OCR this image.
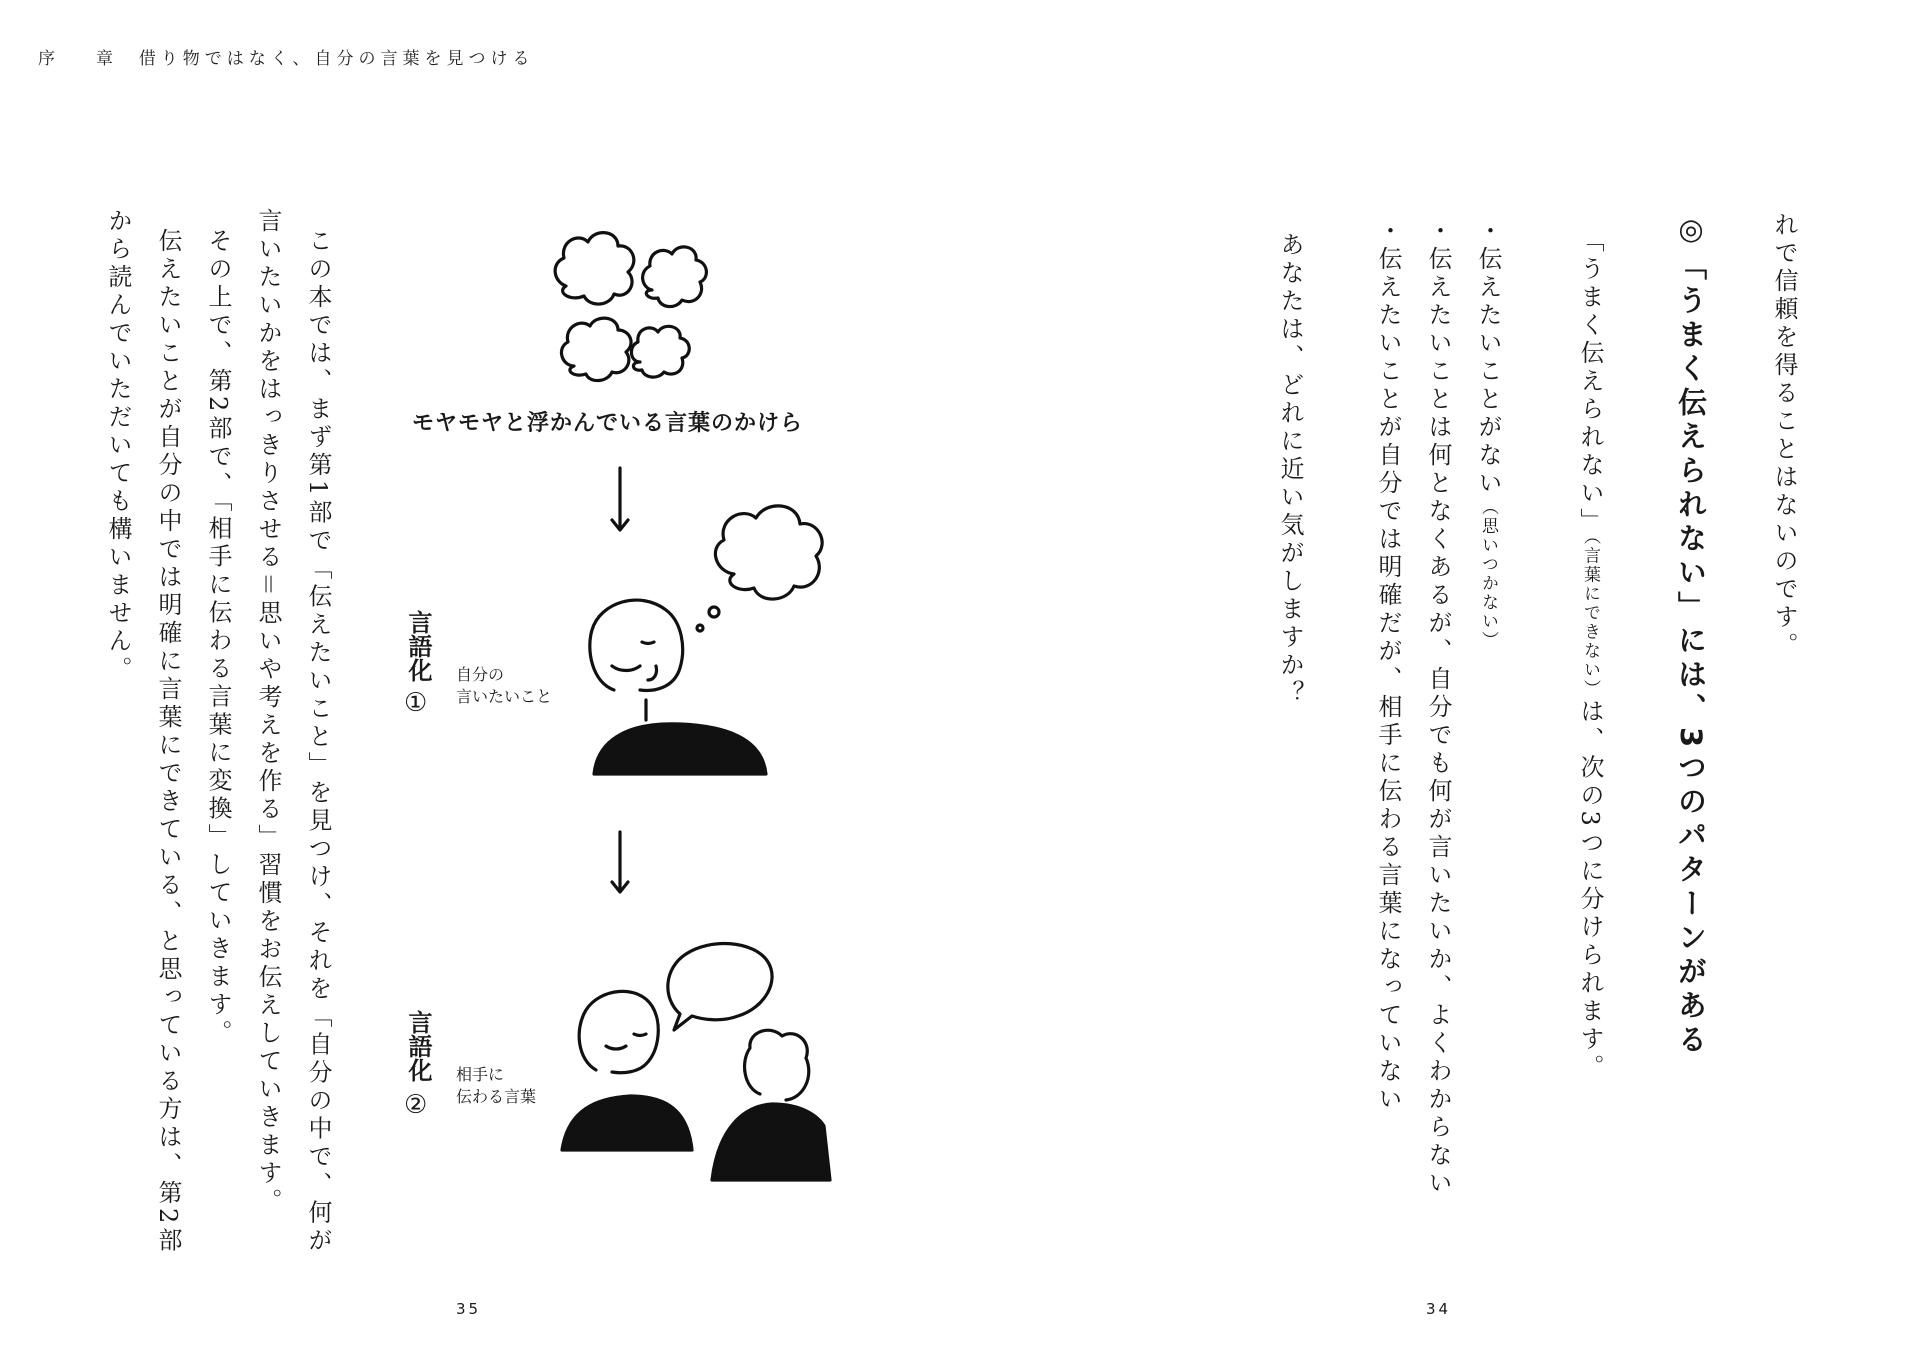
序 章 借り物ではなく、自分の言葉を見つける
れで信頼を得ることはないのです。
◎「うまく伝えられない」には、3つのパターンがある
「うまく伝えられない」（言葉にできない）は、次の3つに分けられます。
・伝えたいことがない（思いつかない）
・伝えたいことは何となくあるが、自分でも何が言いたいか、よくわからない
・伝えたいことが自分では明確だが、相手に伝わる言葉になっていない
あなたは、どれに近い気がしますか？
34
この本では、まず第1部で「伝えたいこと」を見つけ、それを「自分の中で、何が
言いたいかをはっきりさせる＝思いや考えを作る」習慣をお伝えしていきます。
その上で、第2部で、「相手に伝わる言葉に変換」していきます。
伝えたいことが自分の中では明確に言葉にできている、と思っている方は、第2部
から読んでいただいても構いません。
35
モヤモヤと浮かんでいる言葉のかけら
言語化
①
自分の
言いたいこと
言語化
②
相手に
伝わる言葉
